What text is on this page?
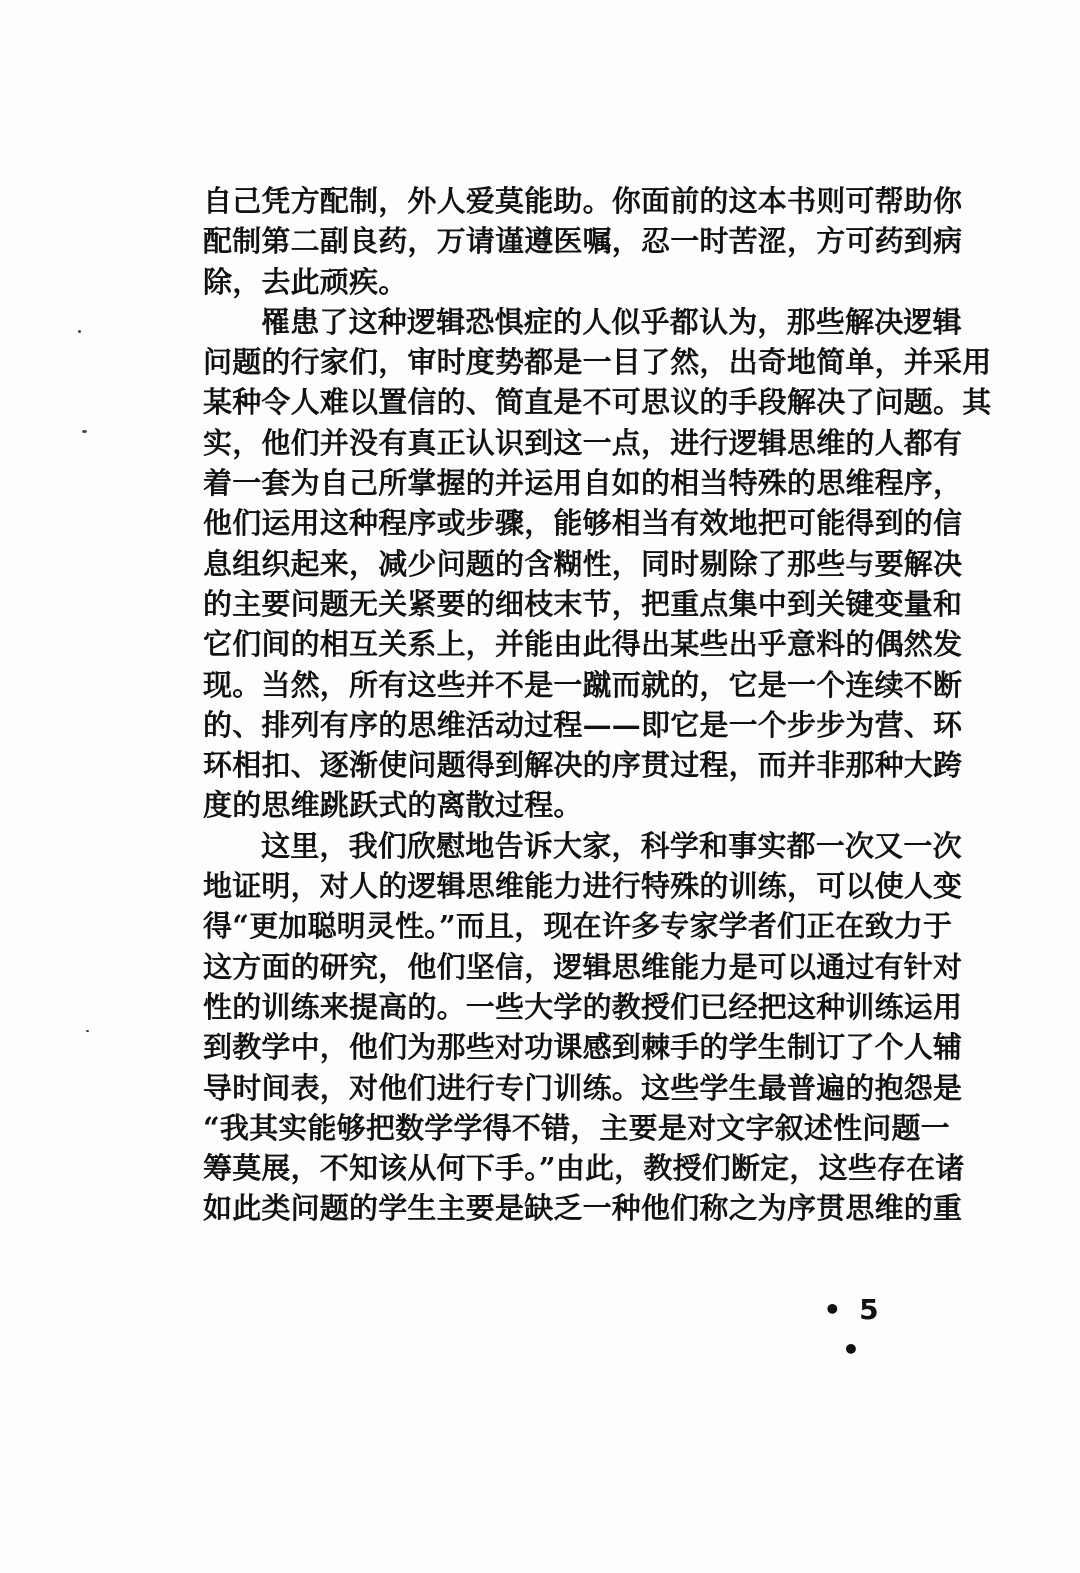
自己凭方配制，外人爱莫能助。你面前的这本书则可帮助你
配制第二副良药，万请谨遵医嘱，忍一时苦涩，方可药到病
除，去此顽疾。
罹患了这种逻辑恐惧症的人似乎都认为，那些解决逻辑
问题的行家们，审时度势都是一目了然，出奇地简单，并采用
某种令人难以置信的、简直是不可思议的手段解决了问题。其
实，他们并没有真正认识到这一点，进行逻辑思维的人都有
着一套为自己所掌握的并运用自如的相当特殊的思维程序，
他们运用这种程序或步骤，能够相当有效地把可能得到的信
息组织起来，减少问题的含糊性，同时剔除了那些与要解决
的主要问题无关紧要的细枝末节，把重点集中到关键变量和
它们间的相互关系上，并能由此得出某些出乎意料的偶然发
现。当然，所有这些并不是一蹴而就的，它是一个连续不断
的、排列有序的思维活动过程——即它是一个步步为营、环
环相扣、逐渐使问题得到解决的序贯过程，而并非那种大跨
度的思维跳跃式的离散过程。
这里，我们欣慰地告诉大家，科学和事实都一次又一次
地证明，对人的逻辑思维能力进行特殊的训练，可以使人变
得“更加聪明灵性。”而且，现在许多专家学者们正在致力于
这方面的研究，他们坚信，逻辑思维能力是可以通过有针对
性的训练来提高的。一些大学的教授们已经把这种训练运用
到教学中，他们为那些对功课感到棘手的学生制订了个人辅
导时间表，对他们进行专门训练。这些学生最普遍的抱怨是
“我其实能够把数学学得不错，主要是对文字叙述性问题一
筹莫展，不知该从何下手。”由此，教授们断定，这些存在诸
如此类问题的学生主要是缺乏一种他们称之为序贯思维的重
• 5 •
